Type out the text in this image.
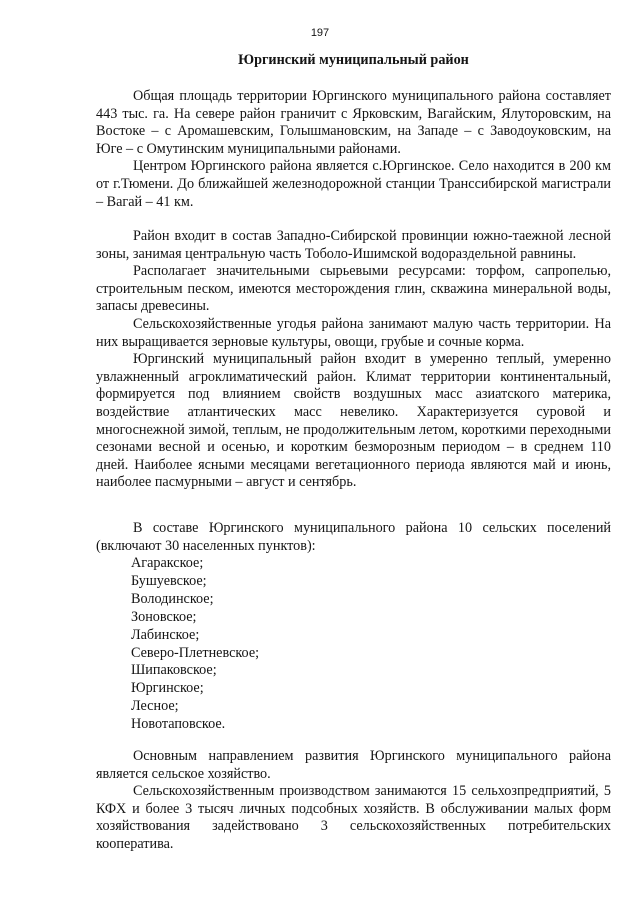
197
Юргинский муниципальный район

Общая площадь территории Юргинского муниципального района составляет 443 тыс. га. На севере район граничит с Ярковским, Вагайским, Ялуторовским, на Востоке – с Аромашевским, Голышмановским, на Западе – с Заводоуковским, на Юге – с Омутинским муниципальными районами.

Центром Юргинского района является с.Юргинское. Село находится в 200 км от г.Тюмени. До ближайшей железнодорожной станции Транссибирской магистрали – Вагай – 41 км.

Район входит в состав Западно-Сибирской провинции южно-таежной лесной зоны, занимая центральную часть Тоболо-Ишимской водораздельной равнины.

Располагает значительными сырьевыми ресурсами: торфом, сапропелью, строительным песком, имеются месторождения глин, скважина минеральной воды, запасы древесины.

Сельскохозяйственные угодья района занимают малую часть территории. На них выращивается зерновые культуры, овощи, грубые и сочные корма.

Юргинский муниципальный район входит в умеренно теплый, умеренно увлажненный агроклиматический район. Климат территории континентальный, формируется под влиянием свойств воздушных масс азиатского материка, воздействие атлантических масс невелико. Характеризуется суровой и многоснежной зимой, теплым, не продолжительным летом, короткими переходными сезонами весной и осенью, и коротким безморозным периодом – в среднем 110 дней. Наиболее ясными месяцами вегетационного периода являются май и июнь, наиболее пасмурными – август и сентябрь.

В составе Юргинского муниципального района 10 сельских поселений (включают 30 населенных пунктов):

Агаракское;
Бушуевское;
Володинское;
Зоновское;
Лабинское;
Северо-Плетневское;
Шипаковское;
Юргинское;
Лесное;
Новотаповское.

Основным направлением развития Юргинского муниципального района является сельское хозяйство.

Сельскохозяйственным производством занимаются 15 сельхозпредприятий, 5 КФХ и более 3 тысяч личных подсобных хозяйств. В обслуживании малых форм хозяйствования задействовано 3 сельскохозяйственных потребительских кооператива.
